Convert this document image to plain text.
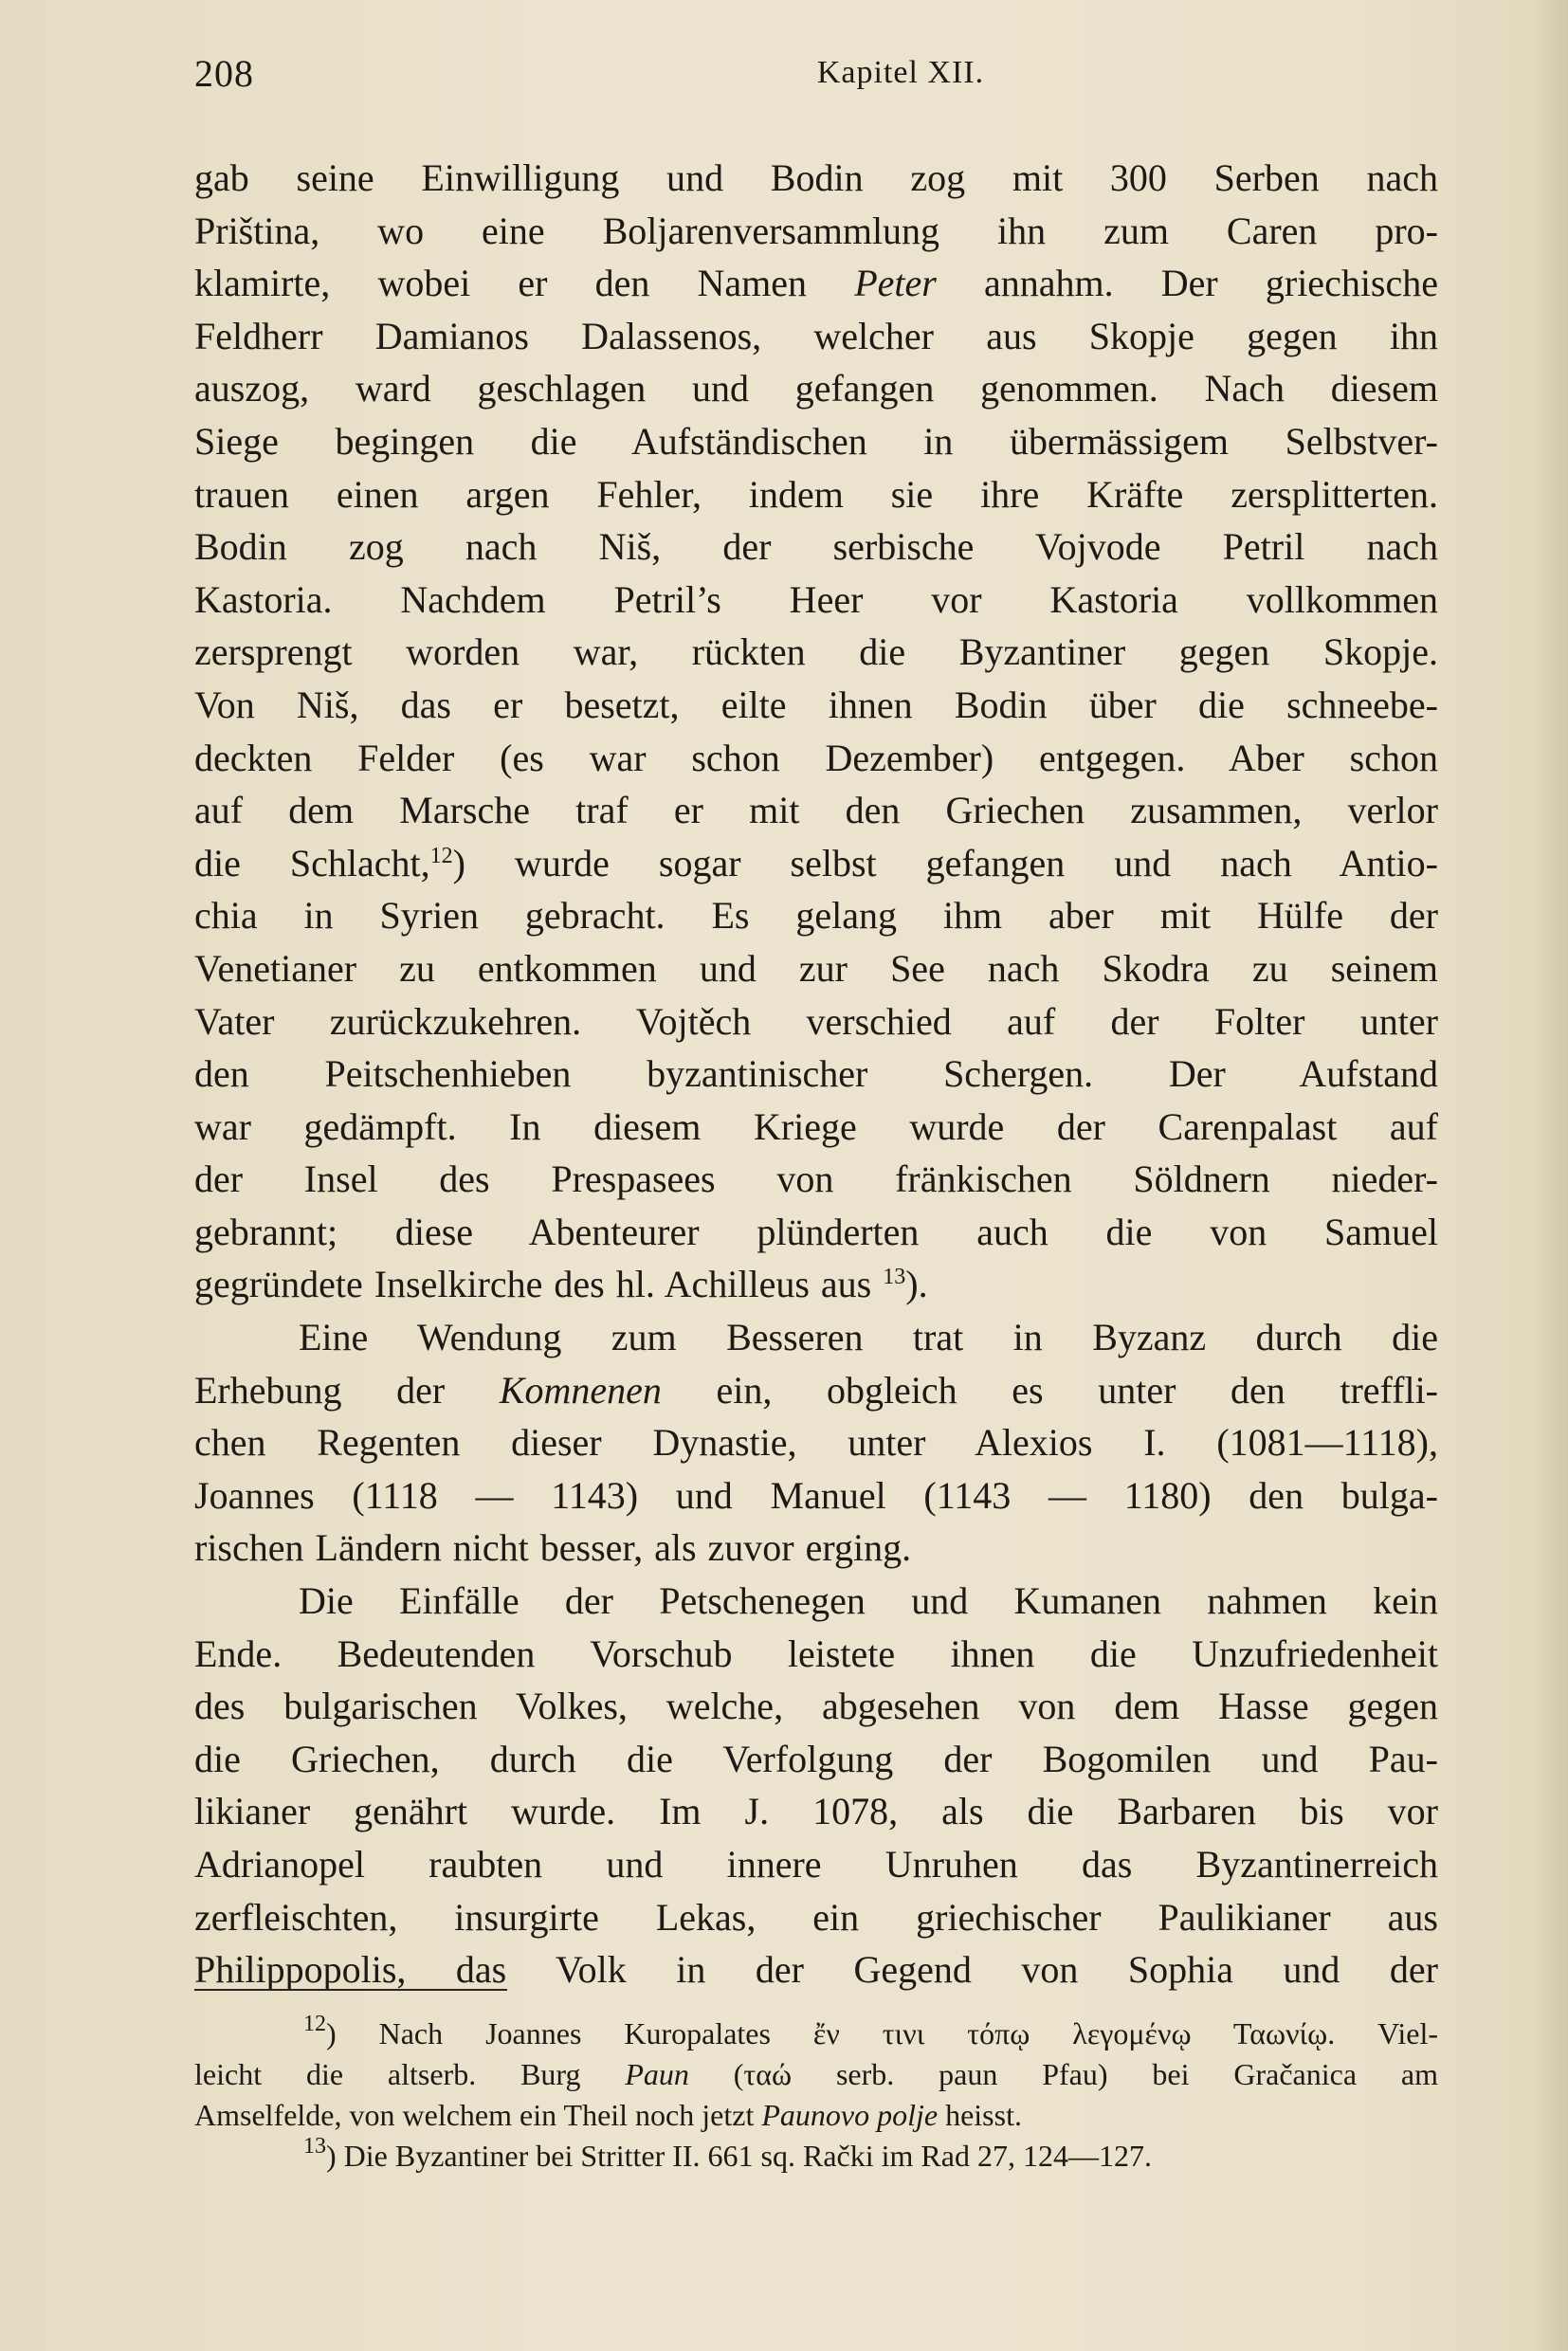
208	Kapitel XII.
gab seine Einwilligung und Bodin zog mit 300 Serben nach
Priština, wo eine Boljarenversammlung ihn zum Caren pro-
klamirte, wobei er den Namen Peter annahm. Der griechische
Feldherr Damianos Dalassenos, welcher aus Skopje gegen ihn
auszog, ward geschlagen und gefangen genommen. Nach diesem
Siege begingen die Aufständischen in übermässigem Selbstver-
trauen einen argen Fehler, indem sie ihre Kräfte zersplitterten.
Bodin zog nach Niš, der serbische Vojvode Petril nach
Kastoria. Nachdem Petril’s Heer vor Kastoria vollkommen
zersprengt worden war, rückten die Byzantiner gegen Skopje.
Von Niš, das er besetzt, eilte ihnen Bodin über die schneebe-
deckten Felder (es war schon Dezember) entgegen. Aber schon
auf dem Marsche traf er mit den Griechen zusammen, verlor
die Schlacht,$^{12}$) wurde sogar selbst gefangen und nach Antio-
chia in Syrien gebracht. Es gelang ihm aber mit Hülfe der
Venetianer zu entkommen und zur See nach Skodra zu seinem
Vater zurückzukehren. Vojtěch verschied auf der Folter unter
den Peitschenhieben byzantinischer Schergen. Der Aufstand
war gedämpft. In diesem Kriege wurde der Carenpalast auf
der Insel des Prespasees von fränkischen Söldnern nieder-
gebrannt; diese Abenteurer plünderten auch die von Samuel
gegründete Inselkirche des hl. Achilleus aus $^{13}$).
Eine Wendung zum Besseren trat in Byzanz durch die
Erhebung der Komnenen ein, obgleich es unter den treffli-
chen Regenten dieser Dynastie, unter Alexios I. (1081—1118),
Joannes (1118 — 1143) und Manuel (1143 — 1180) den bulga-
rischen Ländern nicht besser, als zuvor erging.
Die Einfälle der Petschenegen und Kumanen nahmen kein
Ende. Bedeutenden Vorschub leistete ihnen die Unzufriedenheit
des bulgarischen Volkes, welche, abgesehen von dem Hasse gegen
die Griechen, durch die Verfolgung der Bogomilen und Pau-
likianer genährt wurde. Im J. 1078, als die Barbaren bis vor
Adrianopel raubten und innere Unruhen das Byzantinerreich
zerfleischten, insurgirte Lekas, ein griechischer Paulikianer aus
Philippopolis, das Volk in der Gegend von Sophia und der
$^{12}$) Nach Joannes Kuropalates ἔν τινι τόπῳ λεγομένῳ Ταωνίῳ. Viel-
leicht die altserb. Burg Paun (ταώ serb. paun Pfau) bei Gračanica am
Amselfelde, von welchem ein Theil noch jetzt Paunovo polje heisst.
$^{13}$) Die Byzantiner bei Stritter II. 661 sq. Rački im Rad 27, 124—127.
